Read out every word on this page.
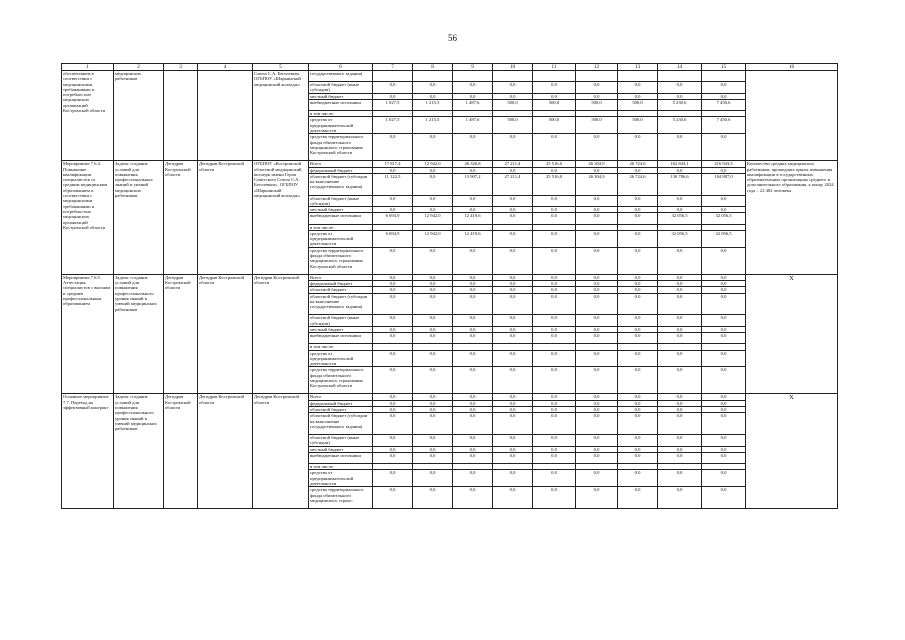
56
1	2	3	4	5	6	7	8	9	10	11	12	13	14	15	16
обеспечением в соответствии с медицинскими требованиями и потребностью медицинских организаций Костромской области	медицинских работников			Союза С.А. Беголевым, ОГБПОУ «Шарьинский медицинский колледж»	государственного задания)										
					областной бюджет (иные субсидии)	0,0	0,0	0,0	0,0	0,0	0,0	0,0	0,0	0,0	
					местный бюджет	0,0	0,0	0,0	0,0	0,0	0,0	0,0	0,0	0,0	
					внебюджетные источники	1 027,5	1 215,5	1 487,6	500,0	500,0	500,0	500,0	5 230,6	7 450,6	
					в том числе:										
					средства от предпринимательской деятельности	1 027,5	1 215,5	1 487,6	500,0	500,0	500,0	500,0	5 230,6	7 450,6	
					средства территориального фонда обязательного медицинского страхования Костромской области	0,0	0,0	0,0	0,0	0,0	0,0	0,0	0,0	0,0	
Мероприятие 7.6.4. Повышение квалификации специалистов со средним медицинским образованием в соответствии с медицинскими требованиями и потребностью медицинских организаций Костромской области	Задача: создание условий для повышения профессиональных знаний и умений медицинских работников	Депздрав Костромской области	Депздрав Костромской области	ОГБПОУ «Костромской областной медицинский колледж имени Героя Советского Союза С.А. Беголевым», ОГБПОУ «Шарьинский медицинский колледж»	Всего	17 817,4	12 942,0	26 326,8	27 211,4	25 516,0	26 304,9	26 724,6	162 843,1	216 943,5	Количество средних медицинских работников, прошедших циклы повышения квалификации в государственных образовательных организациях среднего и дополнительного образования, к концу 2024 года – 22 482 человека
					федеральный бюджет	0,0	0,0	0,0	0,0	0,0	0,0	0,0	0,0	0,0	
					областной бюджет (субсидии на выполнение государственного задания)	11 122,5	0,0	13 907,2	27 211,4	25 516,0	26 304,9	26 724,6	130 786,6	184 887,0	
					областной бюджет (иные субсидии)	0,0	0,0	0,0	0,0	0,0	0,0	0,0	0,0	0,0	
					местный бюджет	0,0	0,0	0,0	0,0	0,0	0,0	0,0	0,0	0,0	
					внебюджетные источники	6 694,9	12 942,0	12 419,6	0,0	0,0	0,0	0,0	32 056,5	32 056,5	
					в том числе:										
					средства от предпринимательской деятельности	6 694,9	12 942,0	12 419,6	0,0	0,0	0,0	0,0	32 056,5	32 056,5	
					средства территориального фонда обязательного медицинского страхования Костромской области	0,0	0,0	0,0	0,0	0,0	0,0	0,0	0,0	0,0	
Мероприятие 7.6.5. Аттестация специалистов с высшим и средним профессиональным образованием	Задача: создание условий для повышения профессионального уровня знаний и умений медицинских работников	Депздрав Костромской области	Депздрав Костромской области	Депздрав Костромской области	Всего	0,0	0,0	0,0	0,0	0,0	0,0	0,0	0,0	0,0	Х
					федеральный бюджет	0,0	0,0	0,0	0,0	0,0	0,0	0,0	0,0	0,0	
					областной бюджет	0,0	0,0	0,0	0,0	0,0	0,0	0,0	0,0	0,0	
					областной бюджет (субсидии на выполнение государственного задания)	0,0	0,0	0,0	0,0	0,0	0,0	0,0	0,0	0,0	
					областной бюджет (иные субсидии)	0,0	0,0	0,0	0,0	0,0	0,0	0,0	0,0	0,0	
					местный бюджет	0,0	0,0	0,0	0,0	0,0	0,0	0,0	0,0	0,0	
					внебюджетные источники	0,0	0,0	0,0	0,0	0,0	0,0	0,0	0,0	0,0	
					в том числе:										
					средства от предпринимательской деятельности	0,0	0,0	0,0	0,0	0,0	0,0	0,0	0,0	0,0	
					средства территориального фонда обязательного медицинского страхования Костромской области	0,0	0,0	0,0	0,0	0,0	0,0	0,0	0,0	0,0	
Основное мероприятие 7.7. Переход на эффективный контракт	Задача: создание условий для повышения профессионального уровня знаний и умений медицинских работников	Депздрав Костромской области	Депздрав Костромской области	Депздрав Костромской области	Всего	0,0	0,0	0,0	0,0	0,0	0,0	0,0	0,0	0,0	Х
					федеральный бюджет	0,0	0,0	0,0	0,0	0,0	0,0	0,0	0,0	0,0	
					областной бюджет	0,0	0,0	0,0	0,0	0,0	0,0	0,0	0,0	0,0	
					областной бюджет (субсидии на выполнение государственного задания)	0,0	0,0	0,0	0,0	0,0	0,0	0,0	0,0	0,0	
					областной бюджет (иные субсидии)	0,0	0,0	0,0	0,0	0,0	0,0	0,0	0,0	0,0	
					местный бюджет	0,0	0,0	0,0	0,0	0,0	0,0	0,0	0,0	0,0	
					внебюджетные источники	0,0	0,0	0,0	0,0	0,0	0,0	0,0	0,0	0,0	
					в том числе:										
					средства от предпринимательской деятельности	0,0	0,0	0,0	0,0	0,0	0,0	0,0	0,0	0,0	
					средства территориального фонда обязательного медицинского страхо-	0,0	0,0	0,0	0,0	0,0	0,0	0,0	0,0	0,0	
